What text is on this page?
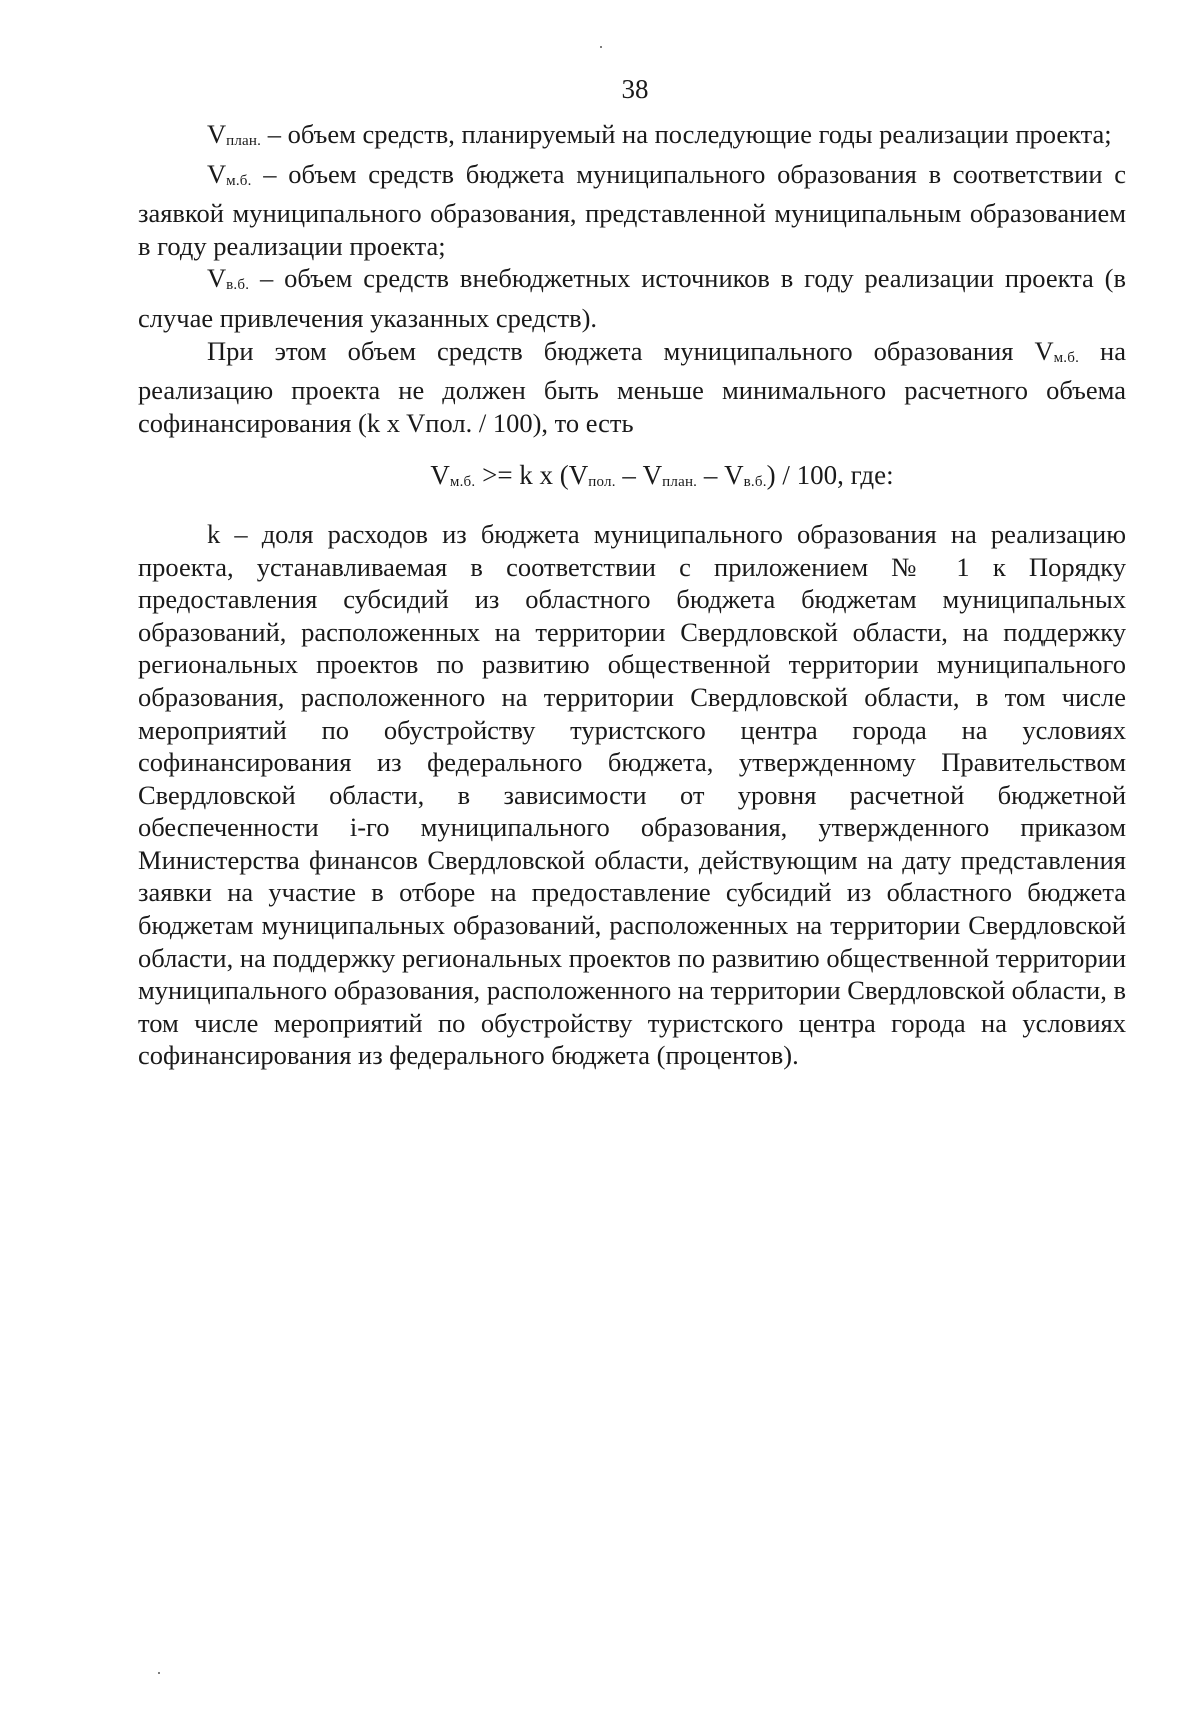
38

Vплан. – объем средств, планируемый на последующие годы реализации проекта;

Vм.б. – объем средств бюджета муниципального образования в соответствии с заявкой муниципального образования, представленной муниципальным образованием в году реализации проекта;

Vв.б. – объем средств внебюджетных источников в году реализации проекта (в случае привлечения указанных средств).

При этом объем средств бюджета муниципального образования Vм.б. на реализацию проекта не должен быть меньше минимального расчетного объема софинансирования (k x Vпол. / 100), то есть

Vм.б. >= k x (Vпол. – Vплан. – Vв.б.) / 100, где:

k – доля расходов из бюджета муниципального образования на реализацию проекта, устанавливаемая в соответствии с приложением № 1 к Порядку предоставления субсидий из областного бюджета бюджетам муниципальных образований, расположенных на территории Свердловской области, на поддержку региональных проектов по развитию общественной территории муниципального образования, расположенного на территории Свердловской области, в том числе мероприятий по обустройству туристского центра города на условиях софинансирования из федерального бюджета, утвержденному Правительством Свердловской области, в зависимости от уровня расчетной бюджетной обеспеченности i-го муниципального образования, утвержденного приказом Министерства финансов Свердловской области, действующим на дату представления заявки на участие в отборе на предоставление субсидий из областного бюджета бюджетам муниципальных образований, расположенных на территории Свердловской области, на поддержку региональных проектов по развитию общественной территории муниципального образования, расположенного на территории Свердловской области, в том числе мероприятий по обустройству туристского центра города на условиях софинансирования из федерального бюджета (процентов).
